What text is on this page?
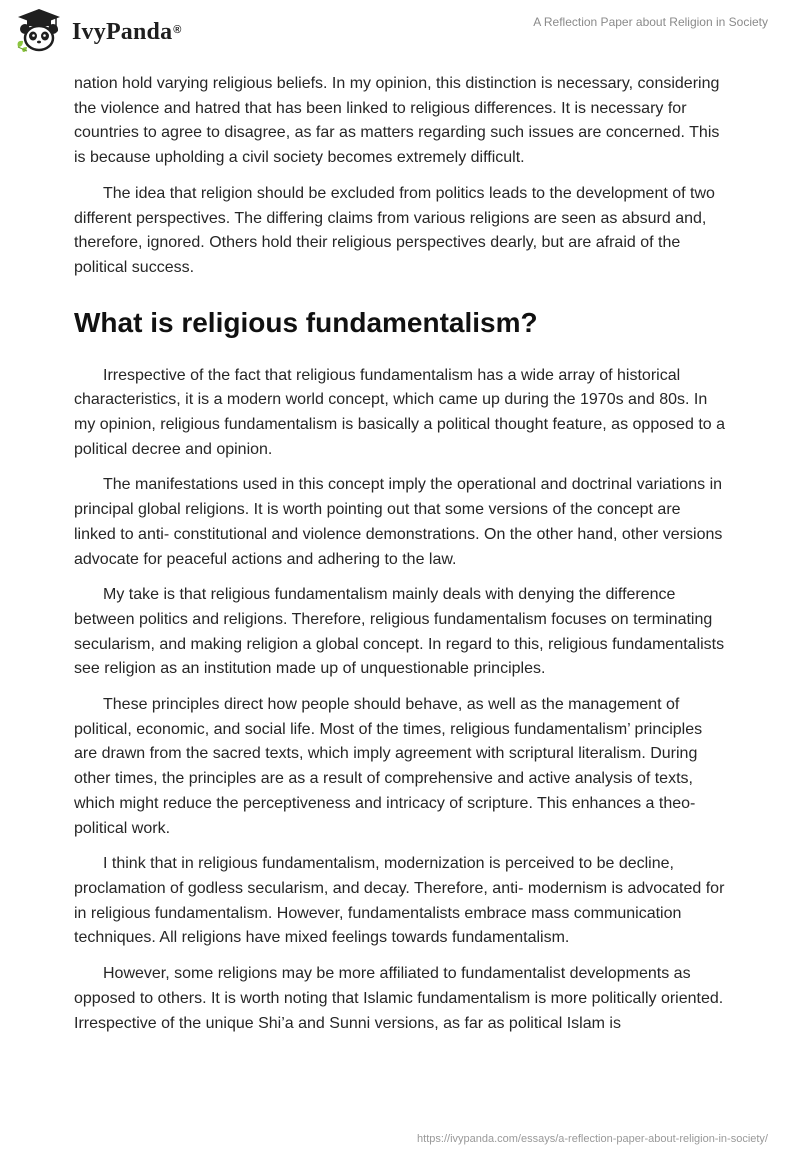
IvyPanda®
A Reflection Paper about Religion in Society

nation hold varying religious beliefs. In my opinion, this distinction is necessary, considering the violence and hatred that has been linked to religious differences. It is necessary for countries to agree to disagree, as far as matters regarding such issues are concerned. This is because upholding a civil society becomes extremely difficult.

The idea that religion should be excluded from politics leads to the development of two different perspectives. The differing claims from various religions are seen as absurd and, therefore, ignored. Others hold their religious perspectives dearly, but are afraid of the political success.

What is religious fundamentalism?

Irrespective of the fact that religious fundamentalism has a wide array of historical characteristics, it is a modern world concept, which came up during the 1970s and 80s. In my opinion, religious fundamentalism is basically a political thought feature, as opposed to a political decree and opinion.

The manifestations used in this concept imply the operational and doctrinal variations in principal global religions. It is worth pointing out that some versions of the concept are linked to anti- constitutional and violence demonstrations. On the other hand, other versions advocate for peaceful actions and adhering to the law.

My take is that religious fundamentalism mainly deals with denying the difference between politics and religions. Therefore, religious fundamentalism focuses on terminating secularism, and making religion a global concept. In regard to this, religious fundamentalists see religion as an institution made up of unquestionable principles.

These principles direct how people should behave, as well as the management of political, economic, and social life. Most of the times, religious fundamentalism’ principles are drawn from the sacred texts, which imply agreement with scriptural literalism. During other times, the principles are as a result of comprehensive and active analysis of texts, which might reduce the perceptiveness and intricacy of scripture. This enhances a theo- political work.

I think that in religious fundamentalism, modernization is perceived to be decline, proclamation of godless secularism, and decay. Therefore, anti- modernism is advocated for in religious fundamentalism. However, fundamentalists embrace mass communication techniques. All religions have mixed feelings towards fundamentalism.

However, some religions may be more affiliated to fundamentalist developments as opposed to others. It is worth noting that Islamic fundamentalism is more politically oriented. Irrespective of the unique Shi’a and Sunni versions, as far as political Islam is

https://ivypanda.com/essays/a-reflection-paper-about-religion-in-society/
